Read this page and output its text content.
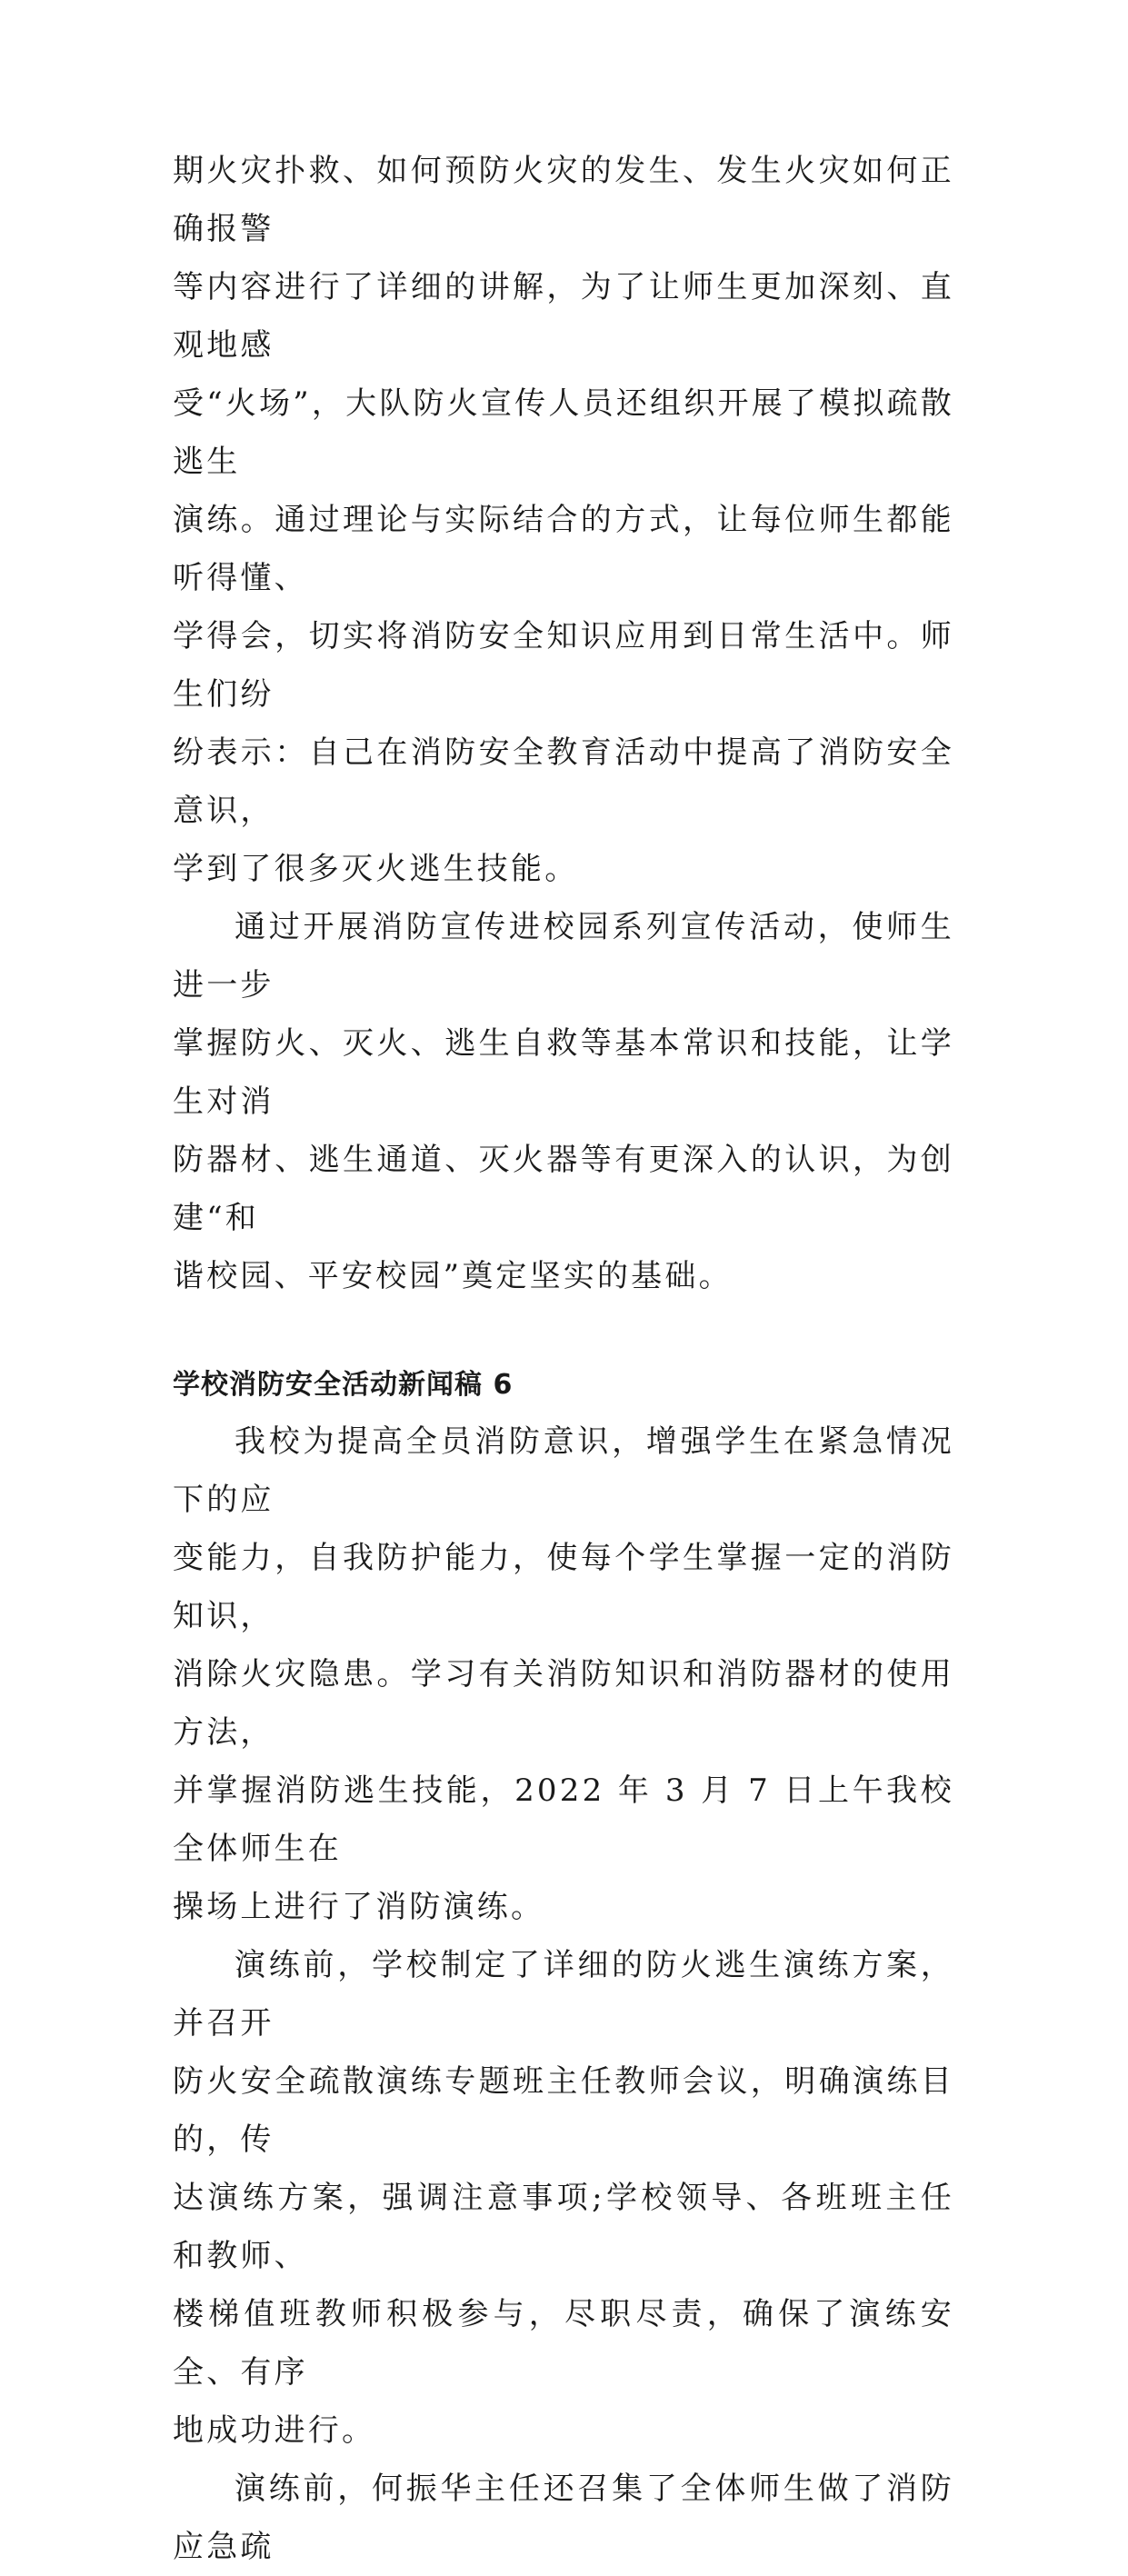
期火灾扑救、如何预防火灾的发生、发生火灾如何正确报警
等内容进行了详细的讲解，为了让师生更加深刻、直观地感
受“火场”，大队防火宣传人员还组织开展了模拟疏散逃生
演练。通过理论与实际结合的方式，让每位师生都能听得懂、
学得会，切实将消防安全知识应用到日常生活中。师生们纷
纷表示：自己在消防安全教育活动中提高了消防安全意识，
学到了很多灭火逃生技能。

通过开展消防宣传进校园系列宣传活动，使师生进一步
掌握防火、灭火、逃生自救等基本常识和技能，让学生对消
防器材、逃生通道、灭火器等有更深入的认识，为创建“和
谐校园、平安校园”奠定坚实的基础。

学校消防安全活动新闻稿 6

我校为提高全员消防意识，增强学生在紧急情况下的应
变能力，自我防护能力，使每个学生掌握一定的消防知识，
消除火灾隐患。学习有关消防知识和消防器材的使用方法，
并掌握消防逃生技能，2022 年 3 月 7 日上午我校全体师生在
操场上进行了消防演练。

演练前，学校制定了详细的防火逃生演练方案，并召开
防火安全疏散演练专题班主任教师会议，明确演练目的，传
达演练方案，强调注意事项;学校领导、各班班主任和教师、
楼梯值班教师积极参与，尽职尽责，确保了演练安全、有序
地成功进行。

演练前，何振华主任还召集了全体师生做了消防应急疏
